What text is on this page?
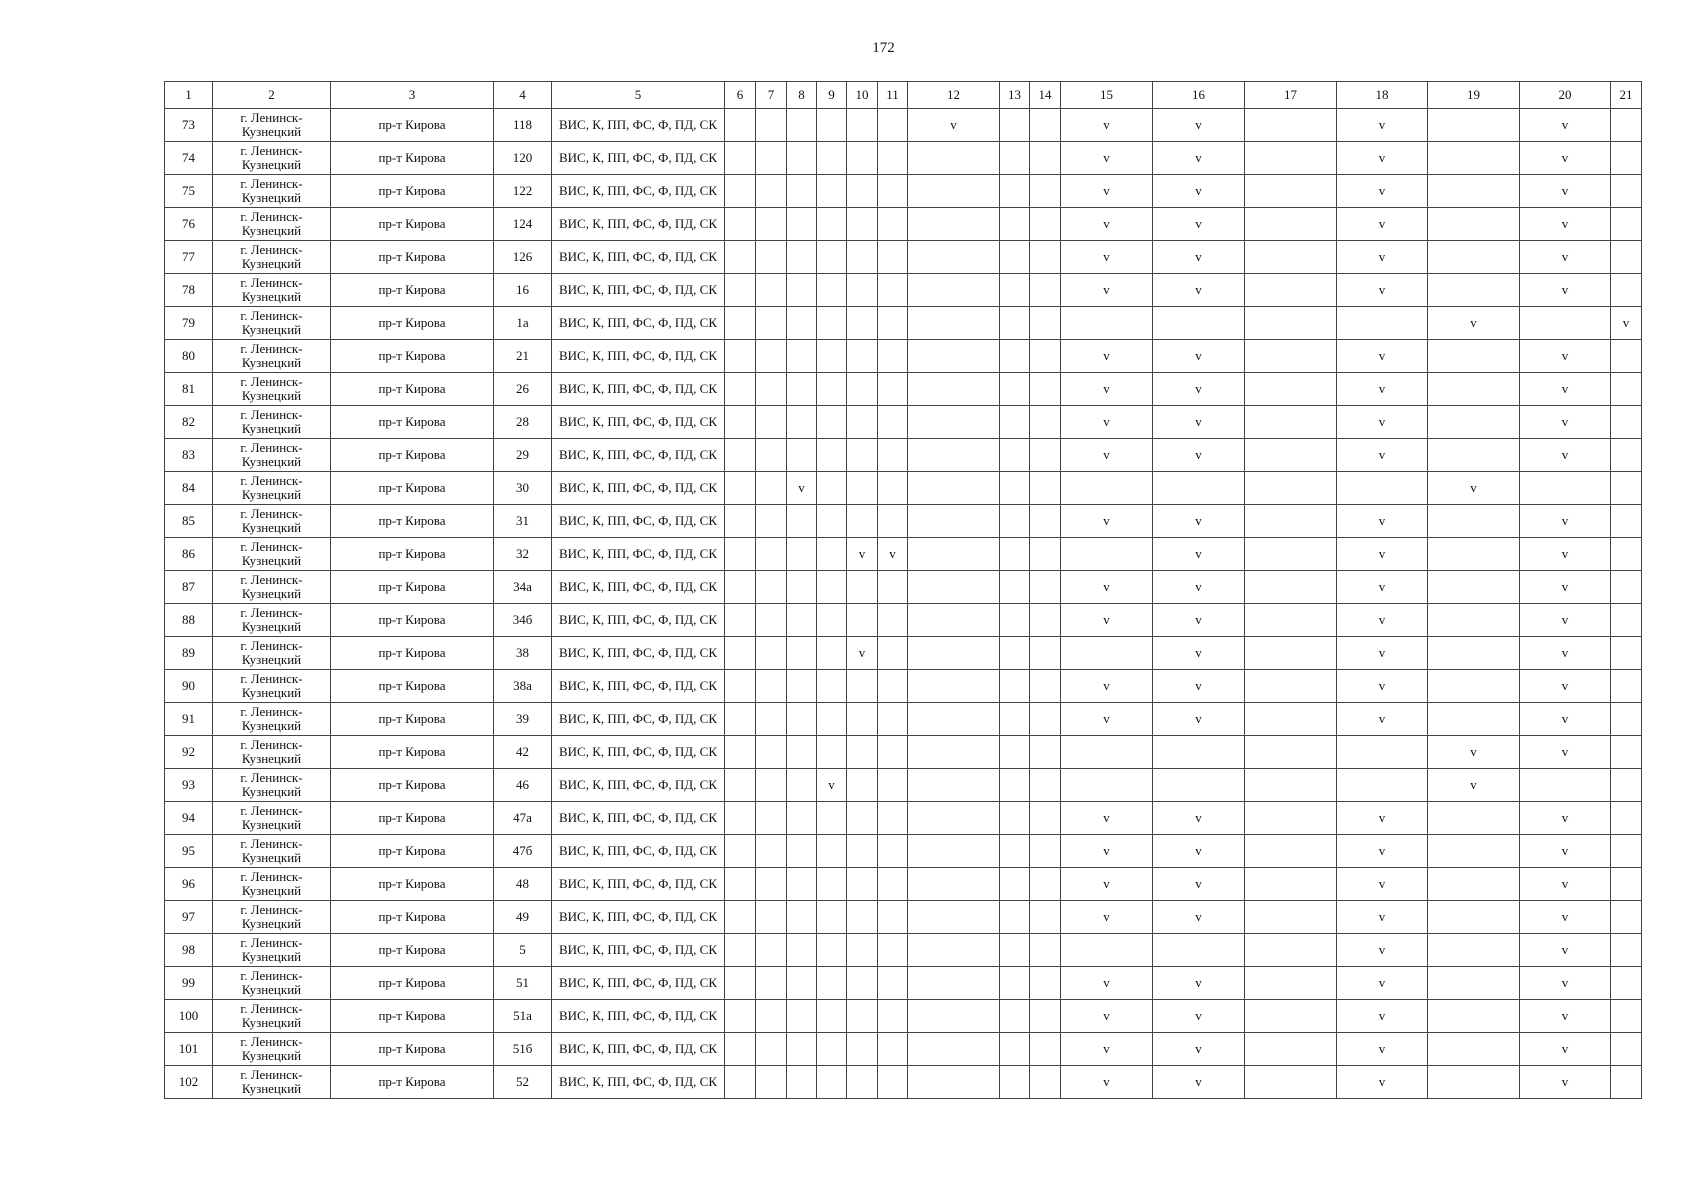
172
1	2	3	4	5	6	7	8	9	10	11	12	13	14	15	16	17	18	19	20	21
73	г. Ленинск-Кузнецкий	пр-т Кирова	118	ВИС, К, ПП, ФС, Ф, ПД, СК							v			v	v		v		v	
74	г. Ленинск-Кузнецкий	пр-т Кирова	120	ВИС, К, ПП, ФС, Ф, ПД, СК										v	v		v		v	
75	г. Ленинск-Кузнецкий	пр-т Кирова	122	ВИС, К, ПП, ФС, Ф, ПД, СК										v	v		v		v	
76	г. Ленинск-Кузнецкий	пр-т Кирова	124	ВИС, К, ПП, ФС, Ф, ПД, СК										v	v		v		v	
77	г. Ленинск-Кузнецкий	пр-т Кирова	126	ВИС, К, ПП, ФС, Ф, ПД, СК										v	v		v		v	
78	г. Ленинск-Кузнецкий	пр-т Кирова	16	ВИС, К, ПП, ФС, Ф, ПД, СК										v	v		v		v	
79	г. Ленинск-Кузнецкий	пр-т Кирова	1а	ВИС, К, ПП, ФС, Ф, ПД, СК														v		v
80	г. Ленинск-Кузнецкий	пр-т Кирова	21	ВИС, К, ПП, ФС, Ф, ПД, СК										v	v		v		v	
81	г. Ленинск-Кузнецкий	пр-т Кирова	26	ВИС, К, ПП, ФС, Ф, ПД, СК										v	v		v		v	
82	г. Ленинск-Кузнецкий	пр-т Кирова	28	ВИС, К, ПП, ФС, Ф, ПД, СК										v	v		v		v	
83	г. Ленинск-Кузнецкий	пр-т Кирова	29	ВИС, К, ПП, ФС, Ф, ПД, СК										v	v		v		v	
84	г. Ленинск-Кузнецкий	пр-т Кирова	30	ВИС, К, ПП, ФС, Ф, ПД, СК			v											v		
85	г. Ленинск-Кузнецкий	пр-т Кирова	31	ВИС, К, ПП, ФС, Ф, ПД, СК										v	v		v		v	
86	г. Ленинск-Кузнецкий	пр-т Кирова	32	ВИС, К, ПП, ФС, Ф, ПД, СК					v	v					v		v		v	
87	г. Ленинск-Кузнецкий	пр-т Кирова	34а	ВИС, К, ПП, ФС, Ф, ПД, СК										v	v		v		v	
88	г. Ленинск-Кузнецкий	пр-т Кирова	34б	ВИС, К, ПП, ФС, Ф, ПД, СК										v	v		v		v	
89	г. Ленинск-Кузнецкий	пр-т Кирова	38	ВИС, К, ПП, ФС, Ф, ПД, СК					v						v		v		v	
90	г. Ленинск-Кузнецкий	пр-т Кирова	38а	ВИС, К, ПП, ФС, Ф, ПД, СК										v	v		v		v	
91	г. Ленинск-Кузнецкий	пр-т Кирова	39	ВИС, К, ПП, ФС, Ф, ПД, СК										v	v		v		v	
92	г. Ленинск-Кузнецкий	пр-т Кирова	42	ВИС, К, ПП, ФС, Ф, ПД, СК														v	v	
93	г. Ленинск-Кузнецкий	пр-т Кирова	46	ВИС, К, ПП, ФС, Ф, ПД, СК				v										v		
94	г. Ленинск-Кузнецкий	пр-т Кирова	47а	ВИС, К, ПП, ФС, Ф, ПД, СК										v	v		v		v	
95	г. Ленинск-Кузнецкий	пр-т Кирова	47б	ВИС, К, ПП, ФС, Ф, ПД, СК										v	v		v		v	
96	г. Ленинск-Кузнецкий	пр-т Кирова	48	ВИС, К, ПП, ФС, Ф, ПД, СК										v	v		v		v	
97	г. Ленинск-Кузнецкий	пр-т Кирова	49	ВИС, К, ПП, ФС, Ф, ПД, СК										v	v		v		v	
98	г. Ленинск-Кузнецкий	пр-т Кирова	5	ВИС, К, ПП, ФС, Ф, ПД, СК													v		v	
99	г. Ленинск-Кузнецкий	пр-т Кирова	51	ВИС, К, ПП, ФС, Ф, ПД, СК										v	v		v		v	
100	г. Ленинск-Кузнецкий	пр-т Кирова	51а	ВИС, К, ПП, ФС, Ф, ПД, СК										v	v		v		v	
101	г. Ленинск-Кузнецкий	пр-т Кирова	51б	ВИС, К, ПП, ФС, Ф, ПД, СК										v	v		v		v	
102	г. Ленинск-Кузнецкий	пр-т Кирова	52	ВИС, К, ПП, ФС, Ф, ПД, СК										v	v		v		v	
